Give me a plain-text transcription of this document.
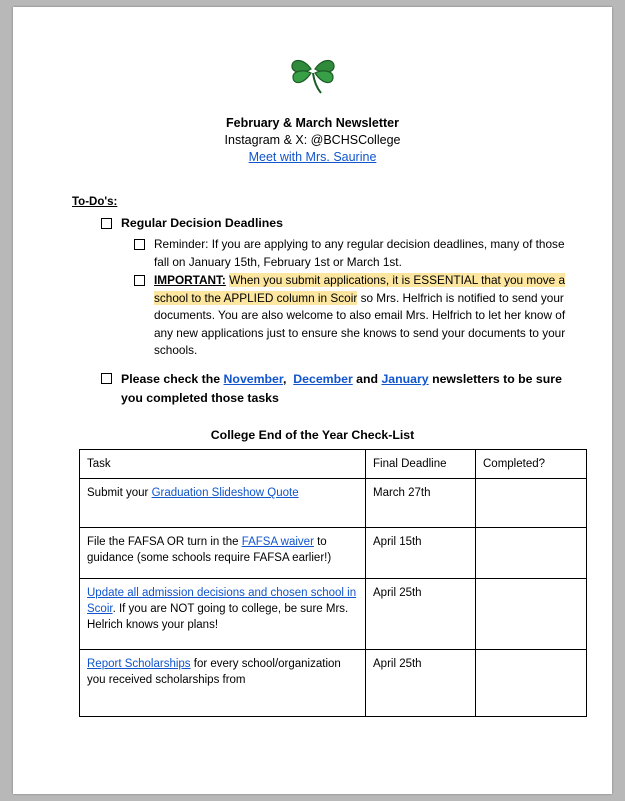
February & March Newsletter
Instagram & X: @BCHSCollege
Meet with Mrs. Saurine
To-Do's:
Regular Decision Deadlines
Reminder: If you are applying to any regular decision deadlines, many of those fall on January 15th, February 1st or March 1st.
IMPORTANT: When you submit applications, it is ESSENTIAL that you move a school to the APPLIED column in Scoir so Mrs. Helfrich is notified to send your documents. You are also welcome to also email Mrs. Helfrich to let her know of any new applications just to ensure she knows to send your documents to your schools.
Please check the November, December and January newsletters to be sure you completed those tasks
College End of the Year Check-List
Task	Final Deadline	Completed?
Submit your Graduation Slideshow Quote	March 27th	
File the FAFSA OR turn in the FAFSA waiver to guidance (some schools require FAFSA earlier!)	April 15th	
Update all admission decisions and chosen school in Scoir. If you are NOT going to college, be sure Mrs. Helrich knows your plans!	April 25th	
Report Scholarships for every school/organization you received scholarships from	April 25th	
